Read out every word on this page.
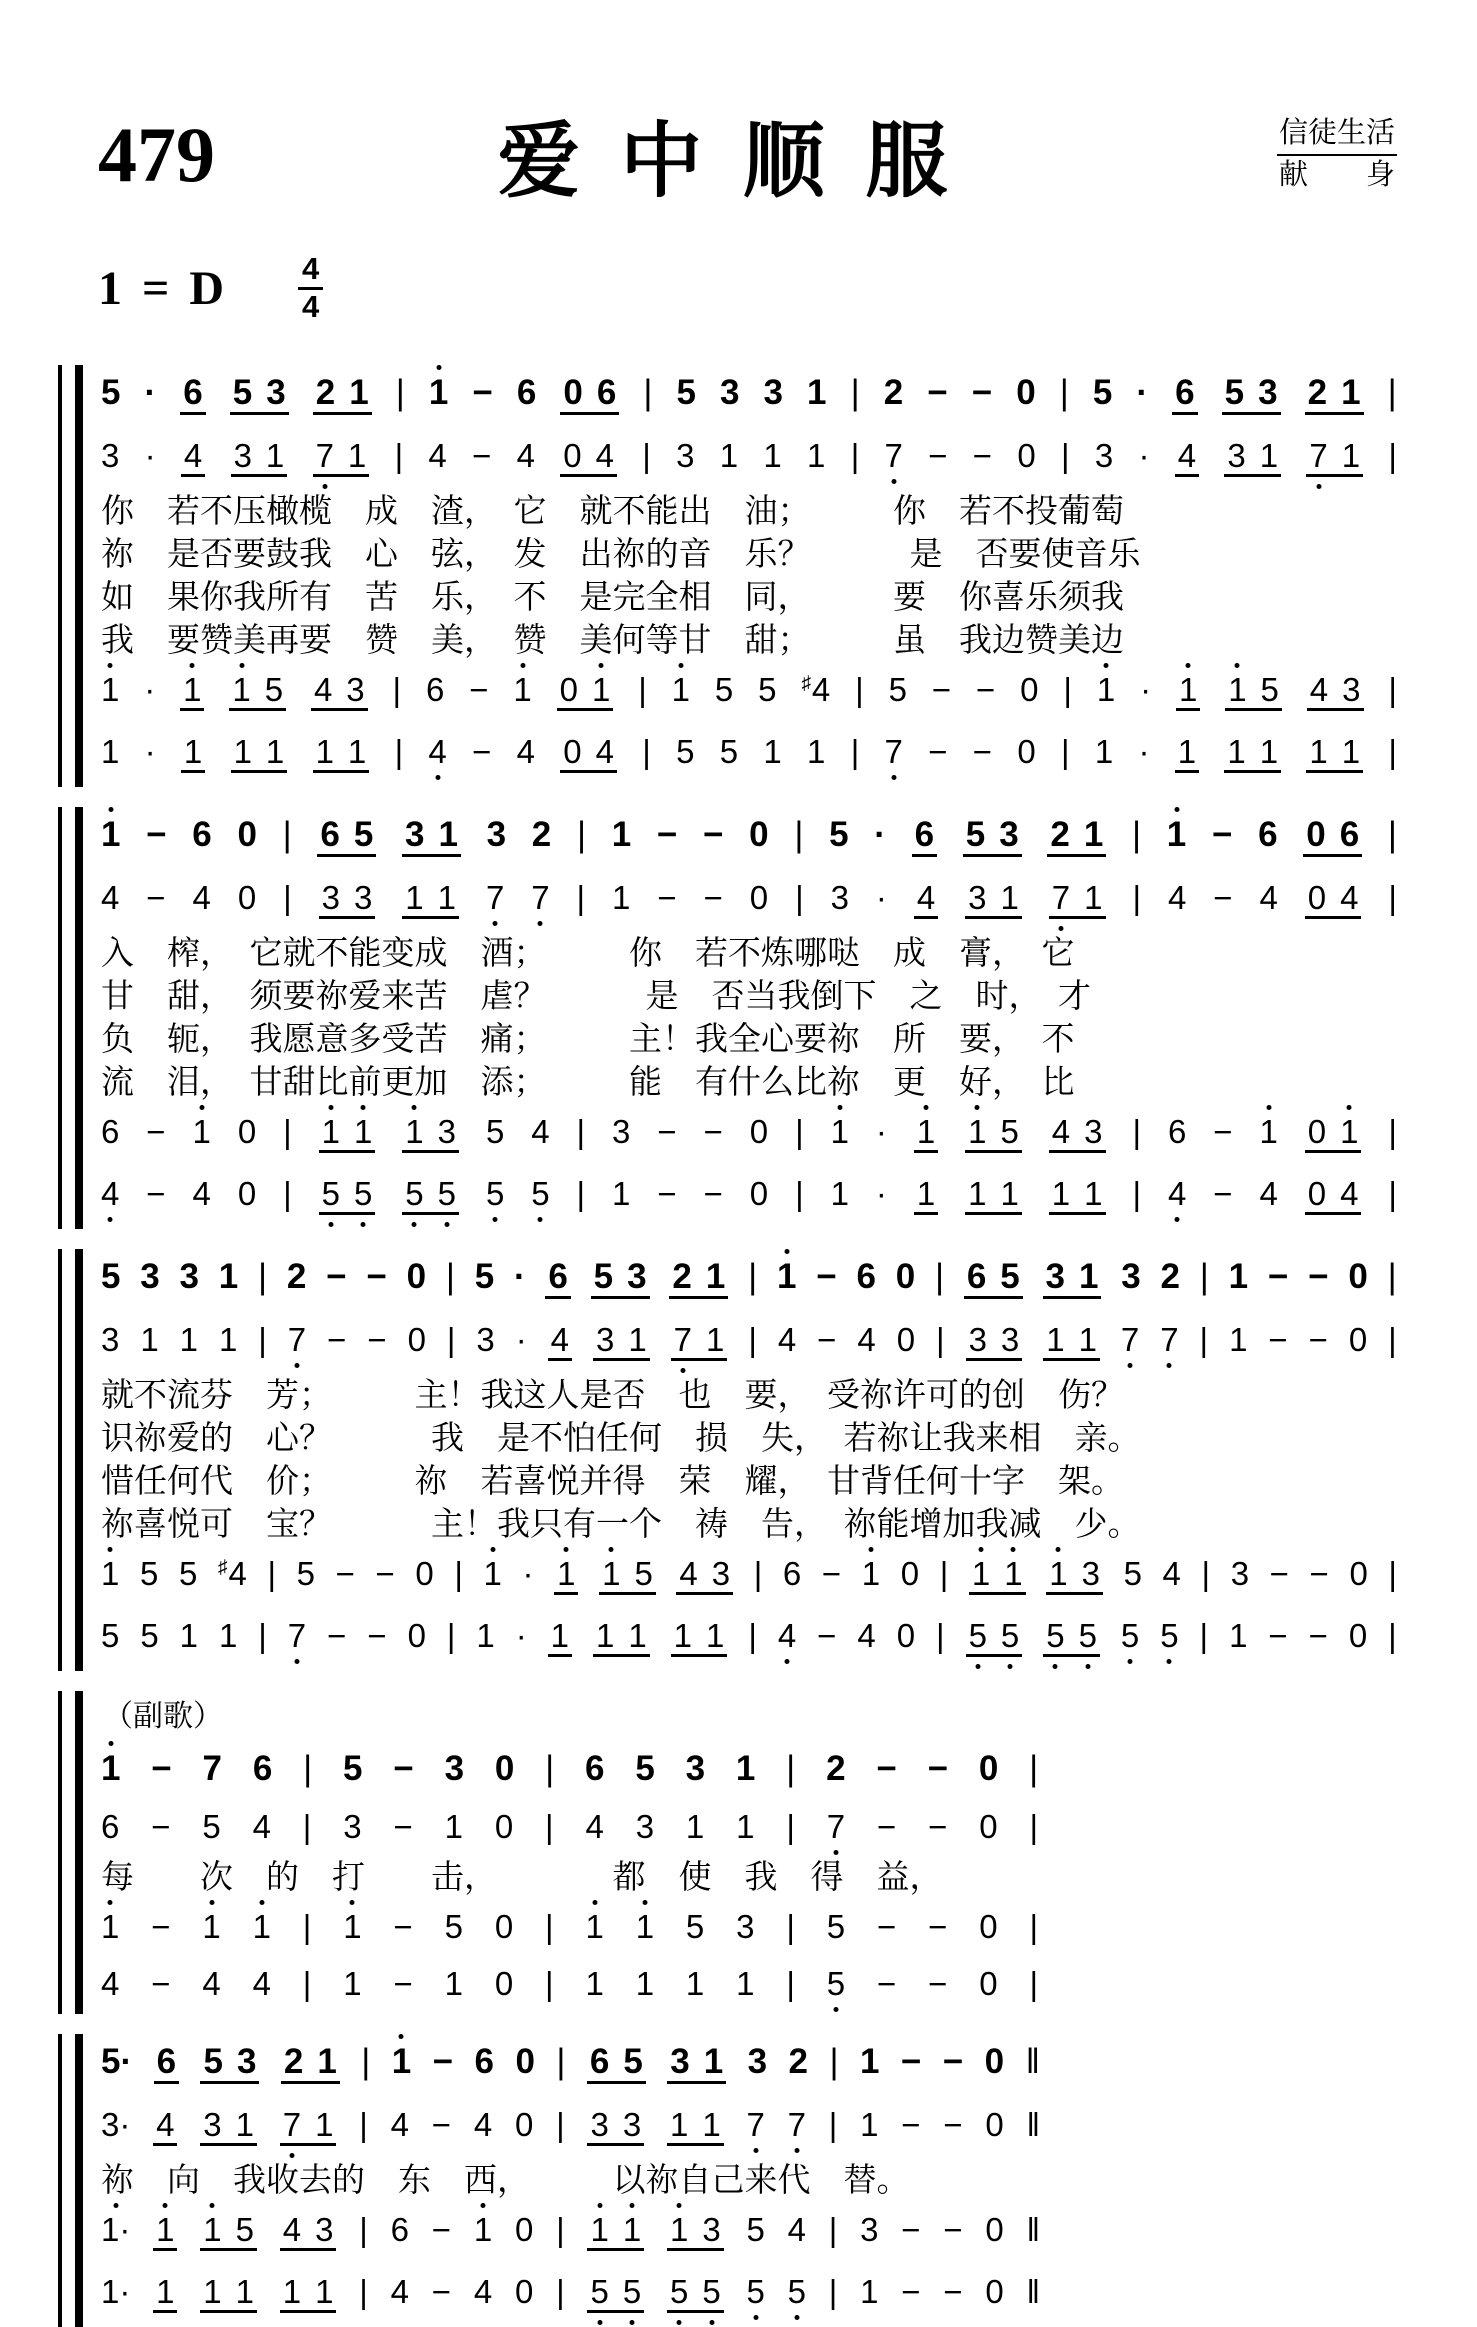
479	爱 中 顺 服	信徒生活
献　　身
1 = D $\frac{4}{4}$
5 · 6 5 3 2 1 | 1 − 6 0 6 | 5 3 3 1 | 2 − − 0 | 5 · 6 5 3 2 1 |
3 · 4 3 1 7 1 | 4 − 4 0 4 | 3 1 1 1 | 7 − − 0 | 3 · 4 3 1 7 1 |
你　若不压橄榄　成　渣，　它　就不能出　油；　　　你　若不投葡萄
祢　是否要鼓我　心　弦，　发　出祢的音　乐？　　　是　否要使音乐
如　果你我所有　苦　乐，　不　是完全相　同，　　　要　你喜乐须我
我　要赞美再要　赞　美，　赞　美何等甘　甜；　　　虽　我边赞美边
1 · 1 1 5 4 3 | 6 − 1 0 1 | 1 5 5 ♯4 | 5 − − 0 | 1 · 1 1 5 4 3 |
1 · 1 1 1 1 1 | 4 − 4 0 4 | 5 5 1 1 | 7 − − 0 | 1 · 1 1 1 1 1 |
1 − 6 0 | 6 5 3 1 3 2 | 1 − − 0 | 5 · 6 5 3 2 1 | 1 − 6 0 6 |
4 − 4 0 | 3 3 1 1 7 7 | 1 − − 0 | 3 · 4 3 1 7 1 | 4 − 4 0 4 |
入　榨，　它就不能变成　酒；　　　你　若不炼哪哒　成　膏，　它
甘　甜，　须要祢爱来苦　虐？　　　是　否当我倒下　之　时，　才
负　轭，　我愿意多受苦　痛；　　　主！我全心要祢　所　要，　不
流　泪，　甘甜比前更加　添；　　　能　有什么比祢　更　好，　比
6 − 1 0 | 1 1 1 3 5 4 | 3 − − 0 | 1 · 1 1 5 4 3 | 6 − 1 0 1 |
4 − 4 0 | 5 5 5 5 5 5 | 1 − − 0 | 1 · 1 1 1 1 1 | 4 − 4 0 4 |
5 3 3 1 | 2 − − 0 | 5 · 6 5 3 2 1 | 1 − 6 0 | 6 5 3 1 3 2 | 1 − − 0 |
3 1 1 1 | 7 − − 0 | 3 · 4 3 1 7 1 | 4 − 4 0 | 3 3 1 1 7 7 | 1 − − 0 |
就不流芬　芳；　　　主！我这人是否　也　要，　受祢许可的创　伤？
识祢爱的　心？　　　我　是不怕任何　损　失，　若祢让我来相　亲。
惜任何代　价；　　　祢　若喜悦并得　荣　耀，　甘背任何十字　架。
祢喜悦可　宝？　　　主！我只有一个　祷　告，　祢能增加我减　少。
1 5 5 ♯4 | 5 − − 0 | 1 · 1 1 5 4 3 | 6 − 1 0 | 1 1 1 3 5 4 | 3 − − 0 |
5 5 1 1 | 7 − − 0 | 1 · 1 1 1 1 1 | 4 − 4 0 | 5 5 5 5 5 5 | 1 − − 0 |
（副歌）
1 − 7 6 | 5 − 3 0 | 6 5 3 1 | 2 − − 0 |
6 − 5 4 | 3 − 1 0 | 4 3 1 1 | 7 − − 0 |
每　　次　的　打　　击，　　　　都　使　我　得　益，
1 − 1 1 | 1 − 5 0 | 1 1 5 3 | 5 − − 0 |
4 − 4 4 | 1 − 1 0 | 1 1 1 1 | 5 − − 0 |
5· 6 5 3 2 1 | 1 − 6 0 | 6 5 3 1 3 2 | 1 − − 0 ‖
3· 4 3 1 7 1 | 4 − 4 0 | 3 3 1 1 7 7 | 1 − − 0 ‖
祢　向　我收去的　东　西，　　　以祢自己来代　替。
1· 1 1 5 4 3 | 6 − 1 0 | 1 1 1 3 5 4 | 3 − − 0 ‖
1· 1 1 1 1 1 | 4 − 4 0 | 5 5 5 5 5 5 | 1 − − 0 ‖
